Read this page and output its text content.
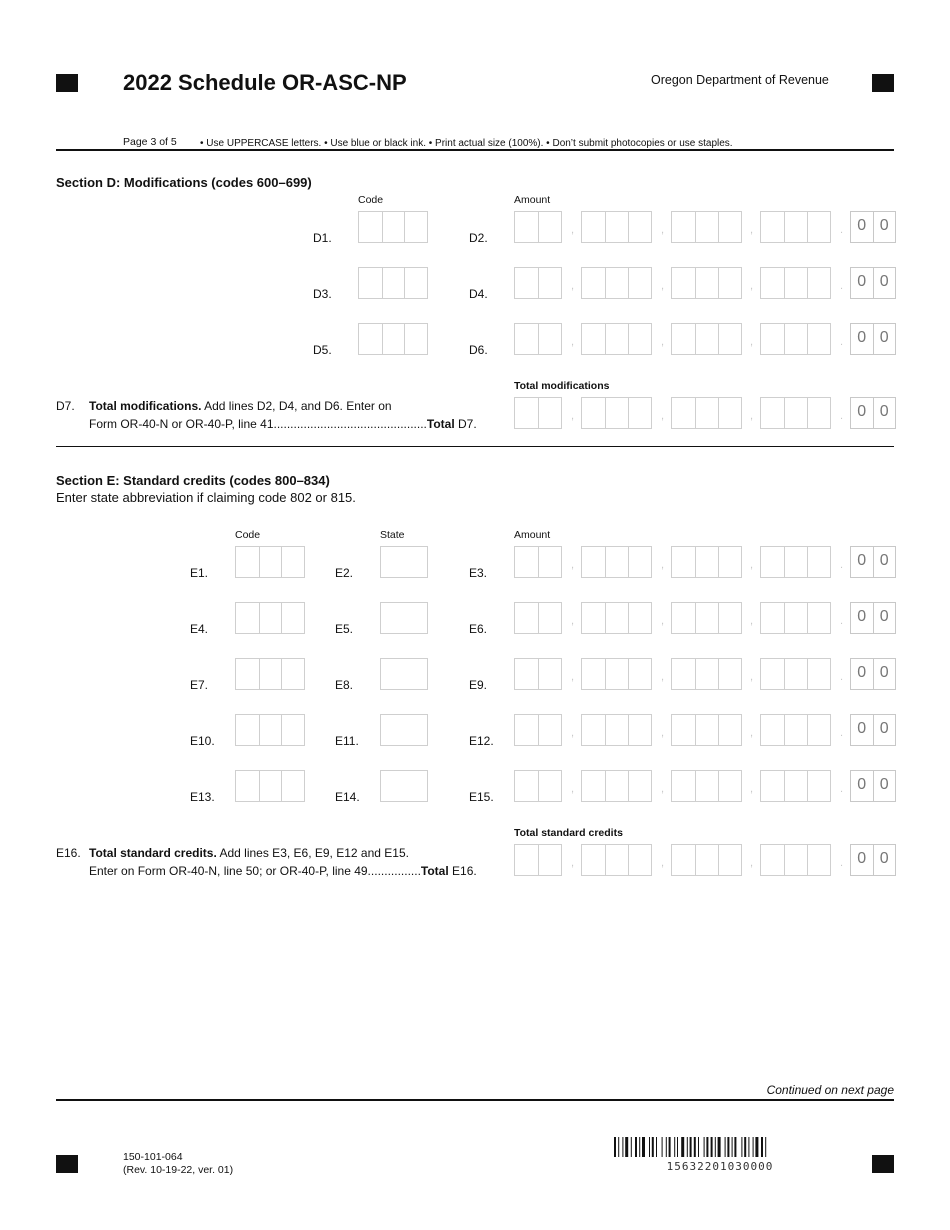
2022 Schedule OR-ASC-NP	Oregon Department of Revenue
Page 3 of 5 • Use UPPERCASE letters. • Use blue or black ink. • Print actual size (100%). • Don’t submit photocopies or use staples.
Section D: Modifications (codes 600–699)
Code	Amount
D1.	D2.
,	,	,	. 0 0
D3.	D4.
,	,	,	. 0 0
D5.	D6.
,	,	,	. 0 0
Total modifications
D7. Total modifications. Add lines D2, D4, and D6. Enter on
Form OR-40-N or OR-40-P, line 41..............................................Total D7.
,	,	,	. 0 0
Section E: Standard credits (codes 800–834)
Enter state abbreviation if claiming code 802 or 815.
Code	State	Amount
E1.	E2.	E3.
,	,	,	. 0 0
E4.	E5.	E6.
,	,	,	. 0 0
E7.	E8.	E9.
,	,	,	. 0 0
E10.	E11.	E12.
,	,	,	. 0 0
E13.	E14.	E15.
,	,	,	. 0 0
Total standard credits
E16. Total standard credits. Add lines E3, E6, E9, E12 and E15.
Enter on Form OR-40-N, line 50; or OR-40-P, line 49................Total E16.
,	,	,	. 0 0
Continued on next page
150-101-064
(Rev. 10-19-22, ver. 01)	15632201030000
